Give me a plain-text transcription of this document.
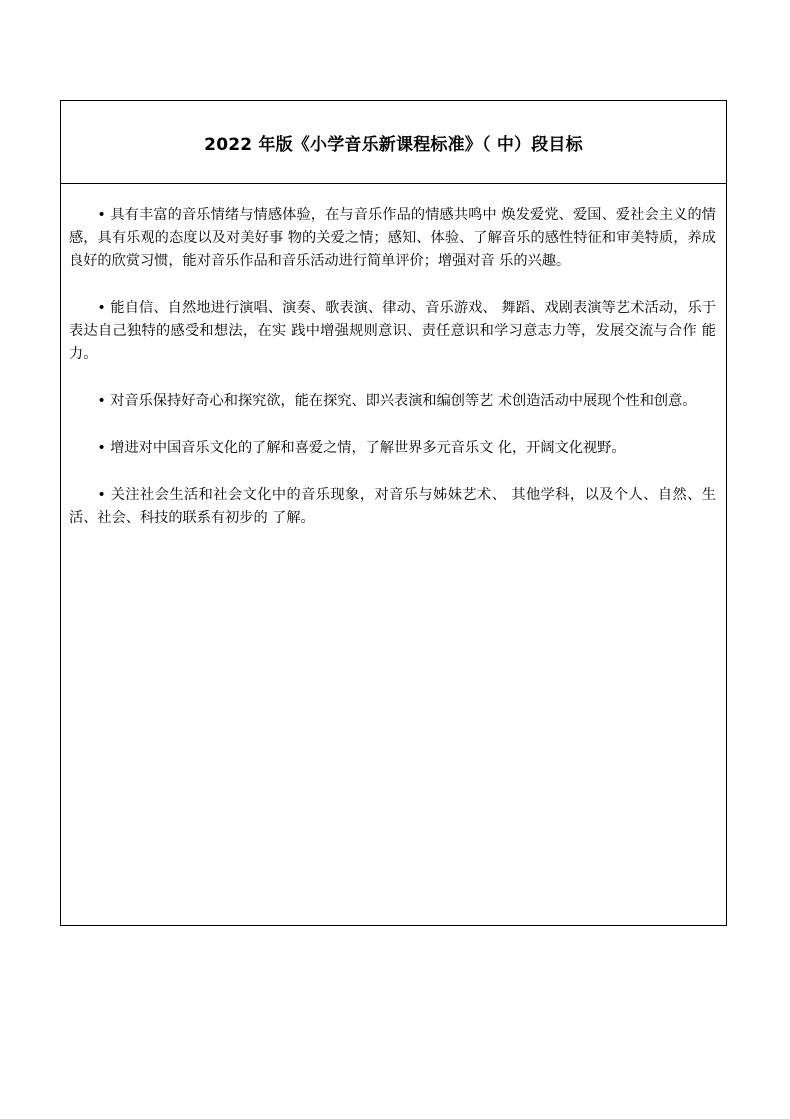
2022 年版《小学音乐新课程标准》（ 中）段目标

• 具有丰富的音乐情绪与情感体验，在与音乐作品的情感共鸣中 焕发爱党、爱国、爱社会主义的情感，具有乐观的态度以及对美好事 物的关爱之情；感知、体验、了解音乐的感性特征和审美特质，养成良好的欣赏习惯，能对音乐作品和音乐活动进行简单评价；增强对音 乐的兴趣。

• 能自信、自然地进行演唱、演奏、歌表演、律动、音乐游戏、 舞蹈、戏剧表演等艺术活动，乐于表达自己独特的感受和想法，在实 践中增强规则意识、责任意识和学习意志力等，发展交流与合作 能力。

• 对音乐保持好奇心和探究欲，能在探究、即兴表演和编创等艺 术创造活动中展现个性和创意。

• 增进对中国音乐文化的了解和喜爱之情，了解世界多元音乐文 化，开阔文化视野。

• 关注社会生活和社会文化中的音乐现象，对音乐与姊妹艺术、 其他学科，以及个人、自然、生活、社会、科技的联系有初步的 了解。
